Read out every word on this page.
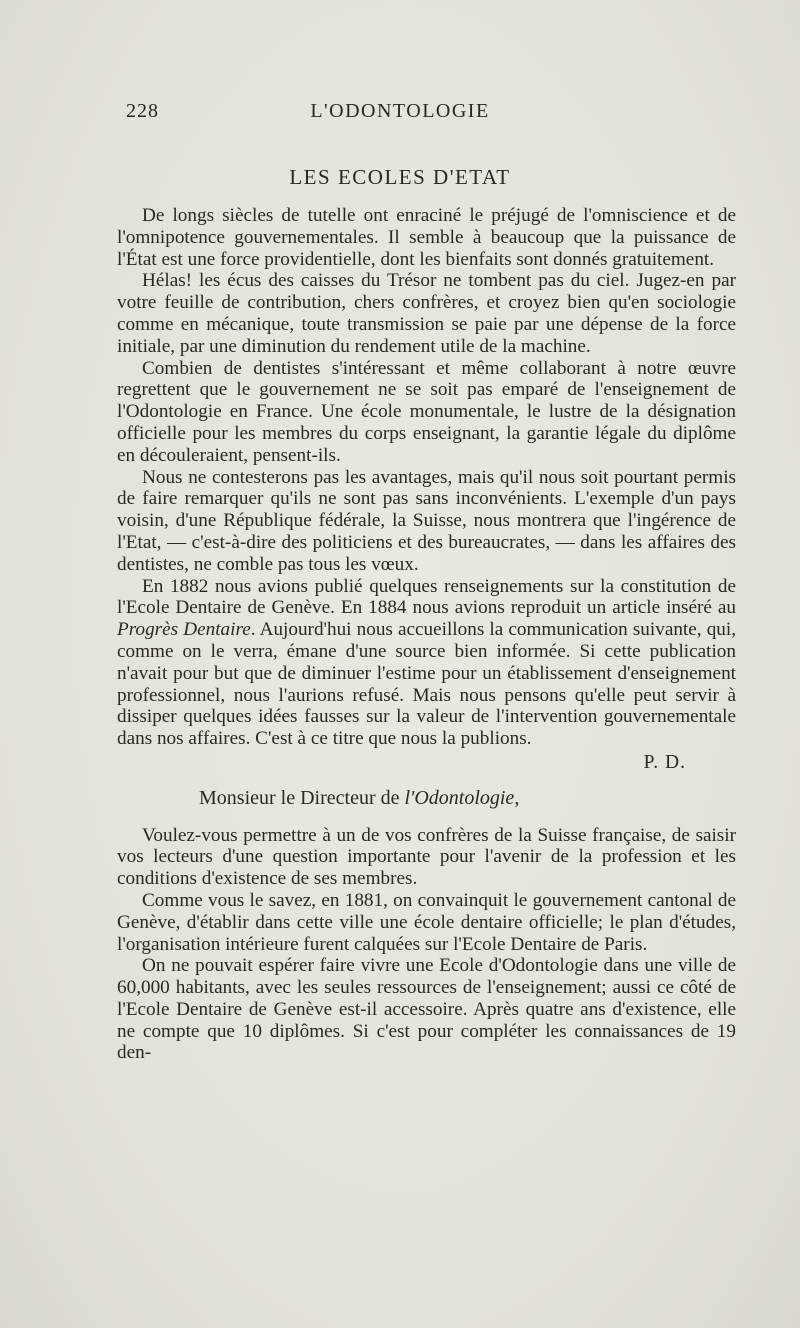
228	L'ODONTOLOGIE
LES ECOLES D'ETAT

De longs siècles de tutelle ont enraciné le préjugé de l'omniscience et de l'omnipotence gouvernementales. Il semble à beaucoup que la puissance de l'État est une force providentielle, dont les bienfaits sont donnés gratuitement.

Hélas! les écus des caisses du Trésor ne tombent pas du ciel. Jugez-en par votre feuille de contribution, chers confrères, et croyez bien qu'en sociologie comme en mécanique, toute transmission se paie par une dépense de la force initiale, par une diminution du rendement utile de la machine.

Combien de dentistes s'intéressant et même collaborant à notre œuvre regrettent que le gouvernement ne se soit pas emparé de l'enseignement de l'Odontologie en France. Une école monumentale, le lustre de la désignation officielle pour les membres du corps enseignant, la garantie légale du diplôme en découleraient, pensent-ils.

Nous ne contesterons pas les avantages, mais qu'il nous soit pourtant permis de faire remarquer qu'ils ne sont pas sans inconvénients. L'exemple d'un pays voisin, d'une République fédérale, la Suisse, nous montrera que l'ingérence de l'Etat, — c'est-à-dire des politiciens et des bureaucrates, — dans les affaires des dentistes, ne comble pas tous les vœux.

En 1882 nous avions publié quelques renseignements sur la constitution de l'Ecole Dentaire de Genève. En 1884 nous avions reproduit un article inséré au Progrès Dentaire. Aujourd'hui nous accueillons la communication suivante, qui, comme on le verra, émane d'une source bien informée. Si cette publication n'avait pour but que de diminuer l'estime pour un établissement d'enseignement professionnel, nous l'aurions refusé. Mais nous pensons qu'elle peut servir à dissiper quelques idées fausses sur la valeur de l'intervention gouvernementale dans nos affaires. C'est à ce titre que nous la publions.

P. D.

Monsieur le Directeur de l'Odontologie,

Voulez-vous permettre à un de vos confrères de la Suisse française, de saisir vos lecteurs d'une question importante pour l'avenir de la profession et les conditions d'existence de ses membres.

Comme vous le savez, en 1881, on convainquit le gouvernement cantonal de Genève, d'établir dans cette ville une école dentaire officielle; le plan d'études, l'organisation intérieure furent calquées sur l'Ecole Dentaire de Paris.

On ne pouvait espérer faire vivre une Ecole d'Odontologie dans une ville de 60,000 habitants, avec les seules ressources de l'enseignement; aussi ce côté de l'Ecole Dentaire de Genève est-il accessoire. Après quatre ans d'existence, elle ne compte que 10 diplômes. Si c'est pour compléter les connaissances de 19 den-
